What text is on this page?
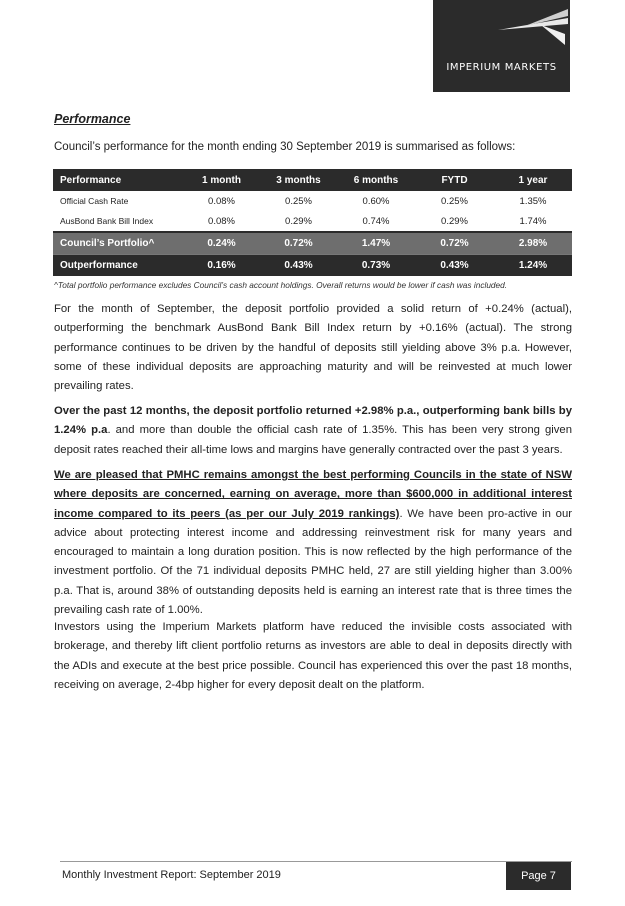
IMPERIUM MARKETS
Performance

Council’s performance for the month ending 30 September 2019 is summarised as follows:

Performance	1 month	3 months	6 months	FYTD	1 year
Official Cash Rate	0.08%	0.25%	0.60%	0.25%	1.35%
AusBond Bank Bill Index	0.08%	0.29%	0.74%	0.29%	1.74%
Council’s Portfolio^	0.24%	0.72%	1.47%	0.72%	2.98%
Outperformance	0.16%	0.43%	0.73%	0.43%	1.24%

^Total portfolio performance excludes Council’s cash account holdings. Overall returns would be lower if cash was included.

For the month of September, the deposit portfolio provided a solid return of +0.24% (actual), outperforming the benchmark AusBond Bank Bill Index return by +0.16% (actual). The strong performance continues to be driven by the handful of deposits still yielding above 3% p.a. However, some of these individual deposits are approaching maturity and will be reinvested at much lower prevailing rates.

Over the past 12 months, the deposit portfolio returned +2.98% p.a., outperforming bank bills by 1.24% p.a. and more than double the official cash rate of 1.35%. This has been very strong given deposit rates reached their all-time lows and margins have generally contracted over the past 3 years.

We are pleased that PMHC remains amongst the best performing Councils in the state of NSW where deposits are concerned, earning on average, more than $600,000 in additional interest income compared to its peers (as per our July 2019 rankings). We have been pro-active in our advice about protecting interest income and addressing reinvestment risk for many years and encouraged to maintain a long duration position. This is now reflected by the high performance of the investment portfolio. Of the 71 individual deposits PMHC held, 27 are still yielding higher than 3.00% p.a. That is, around 38% of outstanding deposits held is earning an interest rate that is three times the prevailing cash rate of 1.00%.

Investors using the Imperium Markets platform have reduced the invisible costs associated with brokerage, and thereby lift client portfolio returns as investors are able to deal in deposits directly with the ADIs and execute at the best price possible. Council has experienced this over the past 18 months, receiving on average, 2-4bp higher for every deposit dealt on the platform.

Monthly Investment Report: September 2019	Page 7
